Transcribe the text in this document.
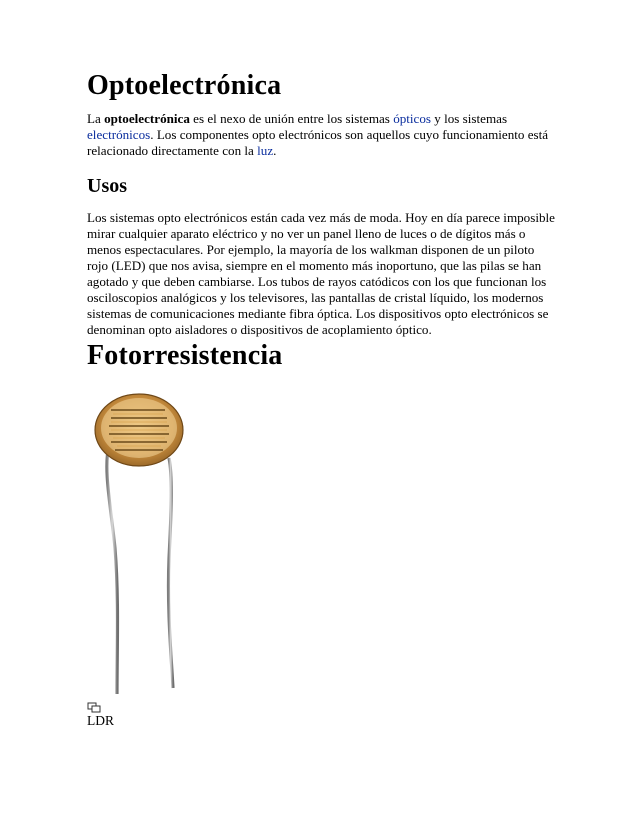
Optoelectrónica

La optoelectrónica es el nexo de unión entre los sistemas ópticos y los sistemas electrónicos. Los componentes opto electrónicos son aquellos cuyo funcionamiento está relacionado directamente con la luz.

Usos

Los sistemas opto electrónicos están cada vez más de moda. Hoy en día parece imposible mirar cualquier aparato eléctrico y no ver un panel lleno de luces o de dígitos más o menos espectaculares. Por ejemplo, la mayoría de los walkman disponen de un piloto rojo (LED) que nos avisa, siempre en el momento más inoportuno, que las pilas se han agotado y que deben cambiarse. Los tubos de rayos catódicos con los que funcionan los osciloscopios analógicos y los televisores, las pantallas de cristal líquido, los modernos sistemas de comunicaciones mediante fibra óptica. Los dispositivos opto electrónicos se denominan opto aisladores o dispositivos de acoplamiento óptico.

Fotorresistencia
LDR
